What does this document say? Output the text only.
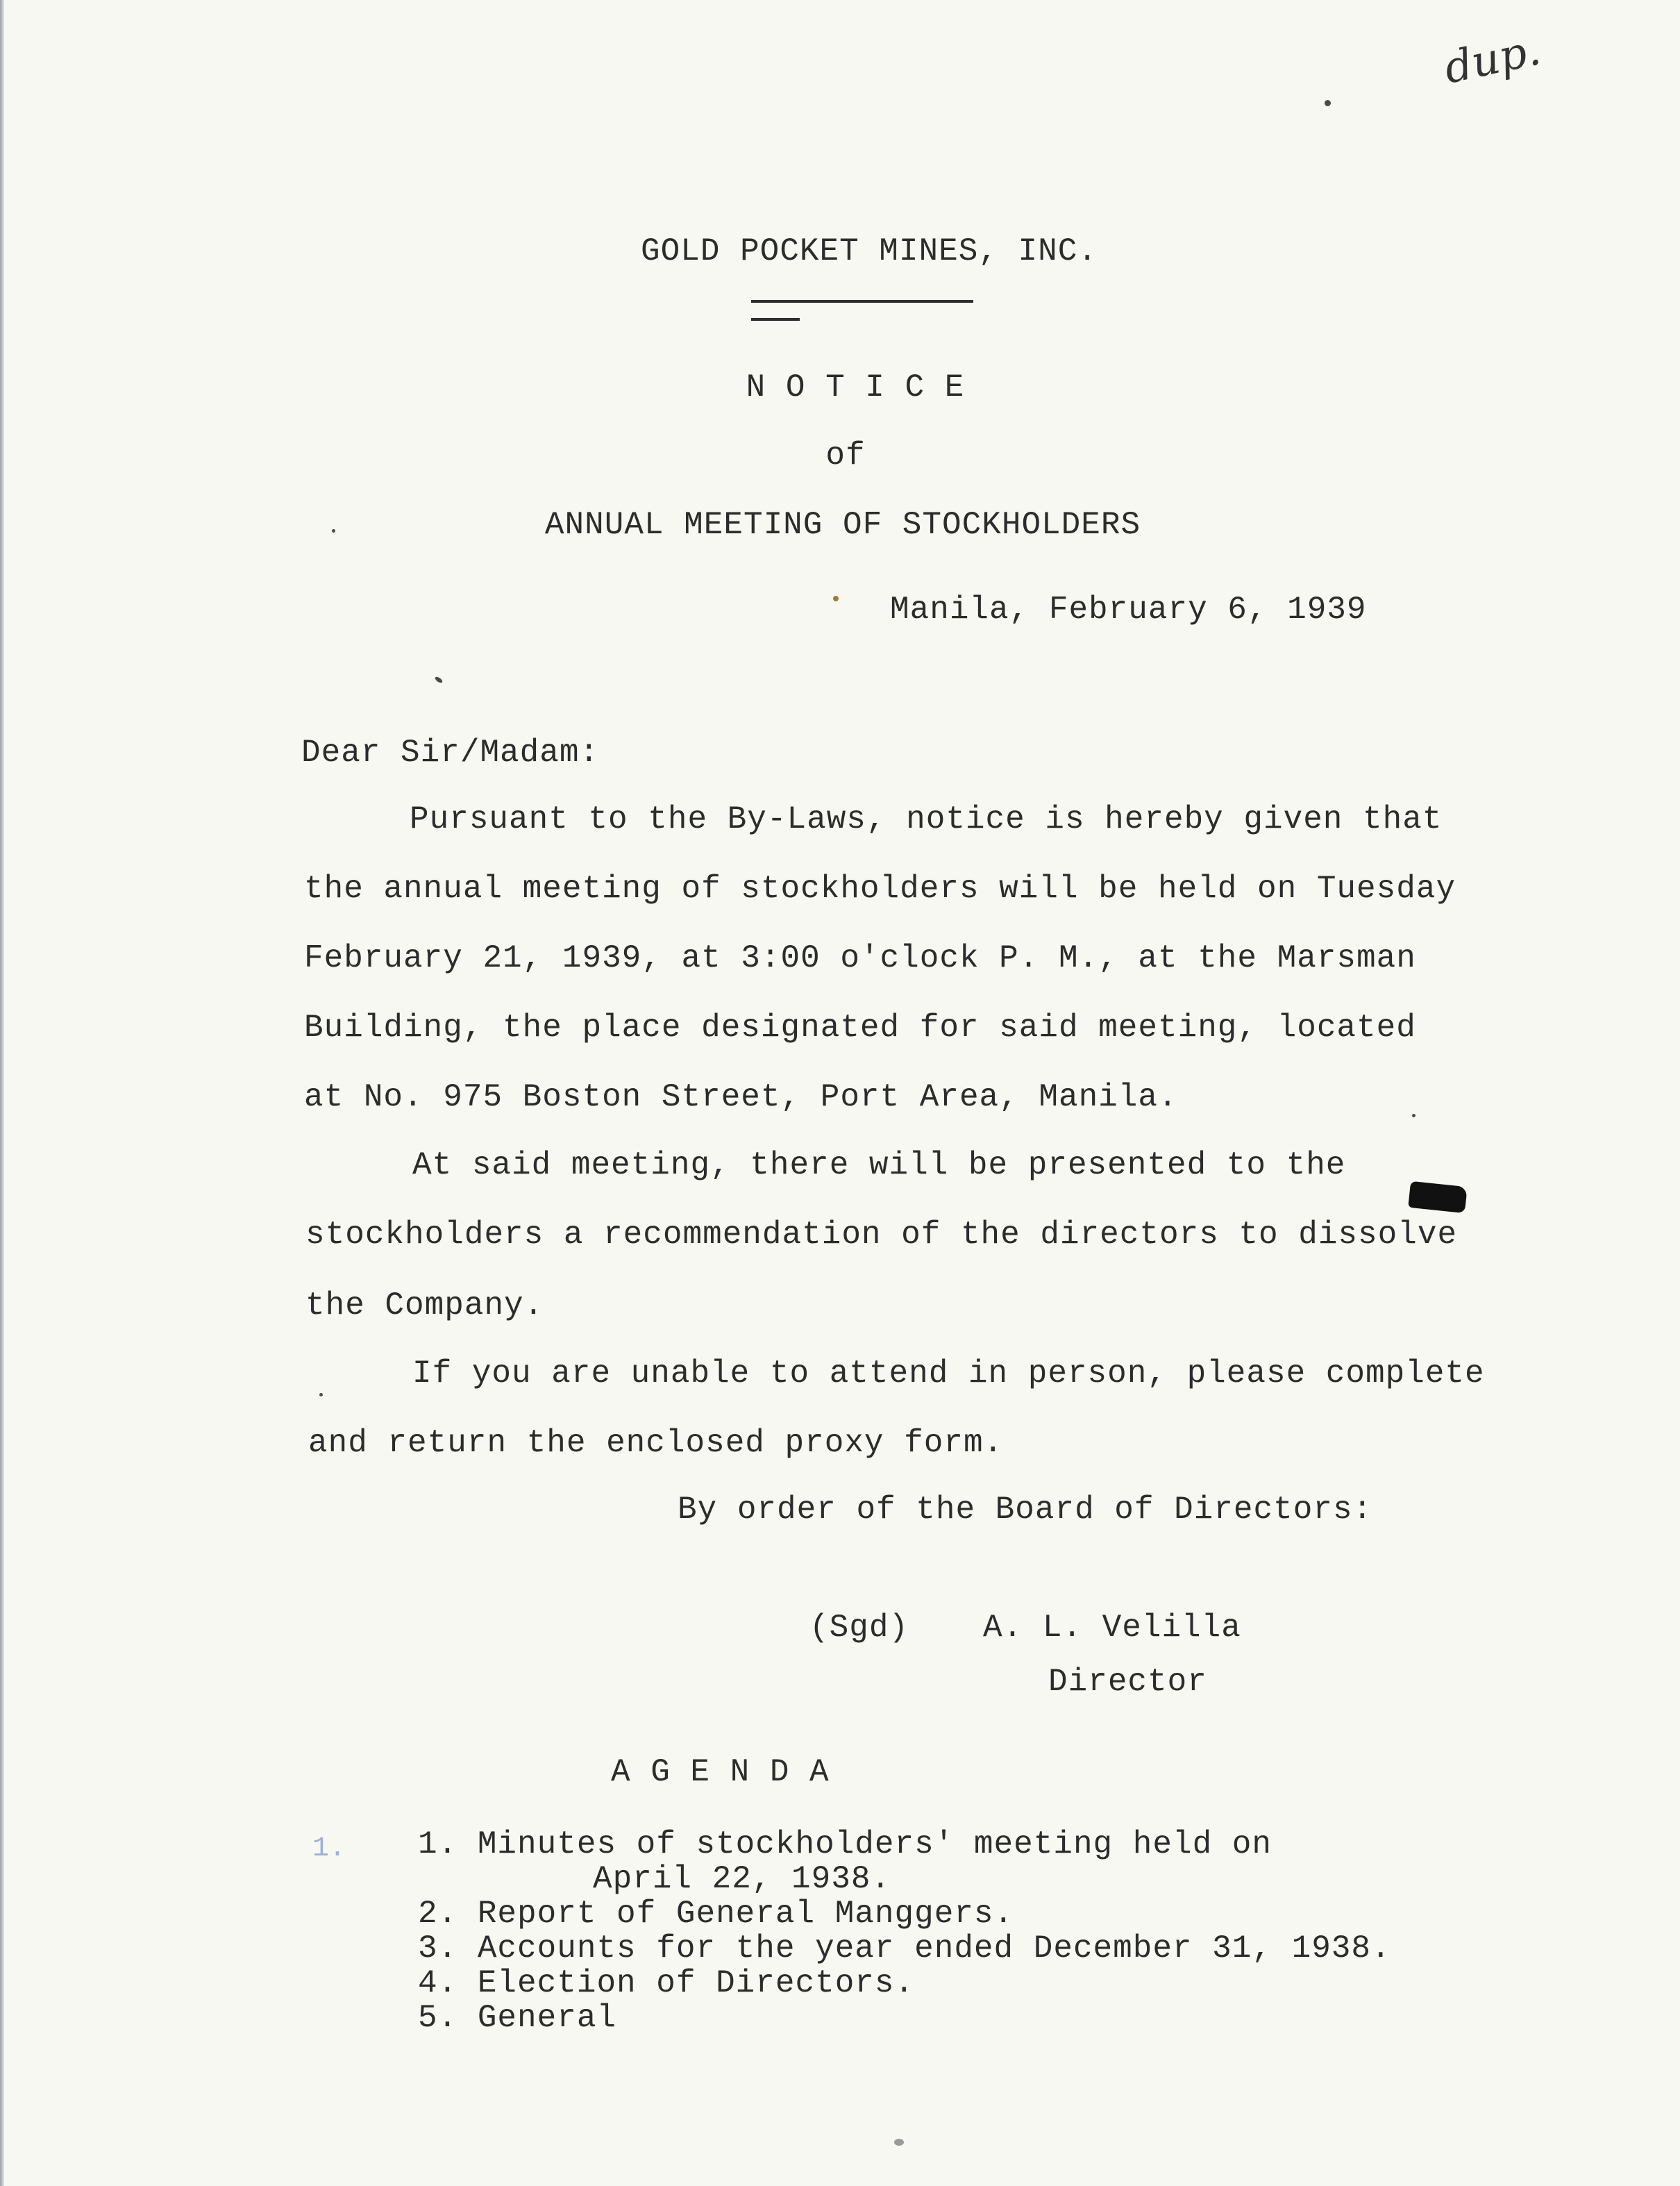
dup.
GOLD POCKET MINES, INC.
N O T I C E
of
ANNUAL MEETING OF STOCKHOLDERS
Manila, February 6, 1939
Dear Sir/Madam:
Pursuant to the By-Laws, notice is hereby given that
the annual meeting of stockholders will be held on Tuesday
February 21, 1939, at 3:00 o'clock P. M., at the Marsman
Building, the place designated for said meeting, located
at No. 975 Boston Street, Port Area, Manila.
At said meeting, there will be presented to the
stockholders a recommendation of the directors to dissolve
the Company.
If you are unable to attend in person, please complete
and return the enclosed proxy form.
By order of the Board of Directors:
(Sgd) A. L. Velilla
Director
A G E N D A
1. 1. Minutes of stockholders' meeting held on
April 22, 1938.
2. Report of General Manggers.
3. Accounts for the year ended December 31, 1938.
4. Election of Directors.
5. General
